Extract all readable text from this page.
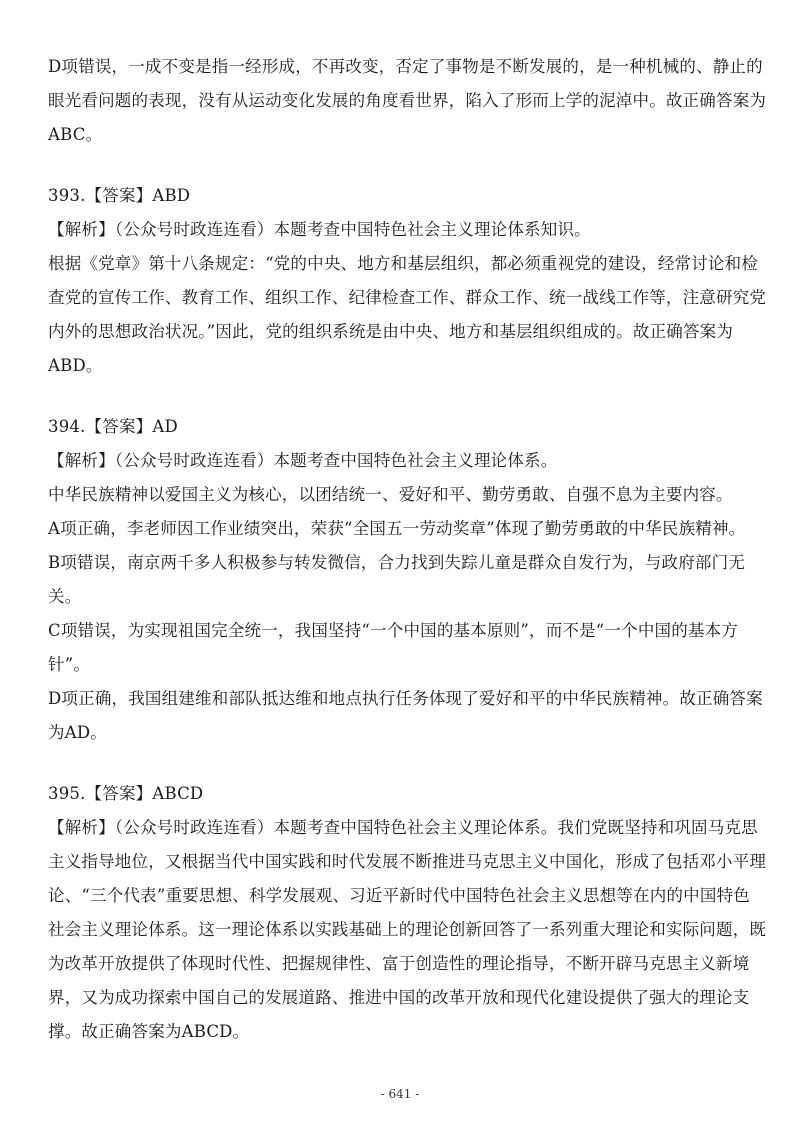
D项错误，一成不变是指一经形成，不再改变，否定了事物是不断发展的，是一种机械的、静止的
眼光看问题的表现，没有从运动变化发展的角度看世界，陷入了形而上学的泥淖中。故正确答案为
ABC。
393.【答案】ABD
【解析】（公众号时政连连看）本题考查中国特色社会主义理论体系知识。
根据《党章》第十八条规定：“党的中央、地方和基层组织，都必须重视党的建设，经常讨论和检
查党的宣传工作、教育工作、组织工作、纪律检查工作、群众工作、统一战线工作等，注意研究党
内外的思想政治状况。”因此，党的组织系统是由中央、地方和基层组织组成的。故正确答案为
ABD。
394.【答案】AD
【解析】（公众号时政连连看）本题考查中国特色社会主义理论体系。
中华民族精神以爱国主义为核心，以团结统一、爱好和平、勤劳勇敢、自强不息为主要内容。
A项正确，李老师因工作业绩突出，荣获“全国五一劳动奖章”体现了勤劳勇敢的中华民族精神。
B项错误，南京两千多人积极参与转发微信，合力找到失踪儿童是群众自发行为，与政府部门无
关。
C项错误，为实现祖国完全统一，我国坚持“一个中国的基本原则”，而不是“一个中国的基本方
针”。
D项正确，我国组建维和部队抵达维和地点执行任务体现了爱好和平的中华民族精神。故正确答案
为AD。
395.【答案】ABCD
【解析】（公众号时政连连看）本题考查中国特色社会主义理论体系。我们党既坚持和巩固马克思
主义指导地位，又根据当代中国实践和时代发展不断推进马克思主义中国化，形成了包括邓小平理
论、“三个代表”重要思想、科学发展观、习近平新时代中国特色社会主义思想等在内的中国特色
社会主义理论体系。这一理论体系以实践基础上的理论创新回答了一系列重大理论和实际问题，既
为改革开放提供了体现时代性、把握规律性、富于创造性的理论指导，不断开辟马克思主义新境
界，又为成功探索中国自己的发展道路、推进中国的改革开放和现代化建设提供了强大的理论支
撑。故正确答案为ABCD。
- 641 -
